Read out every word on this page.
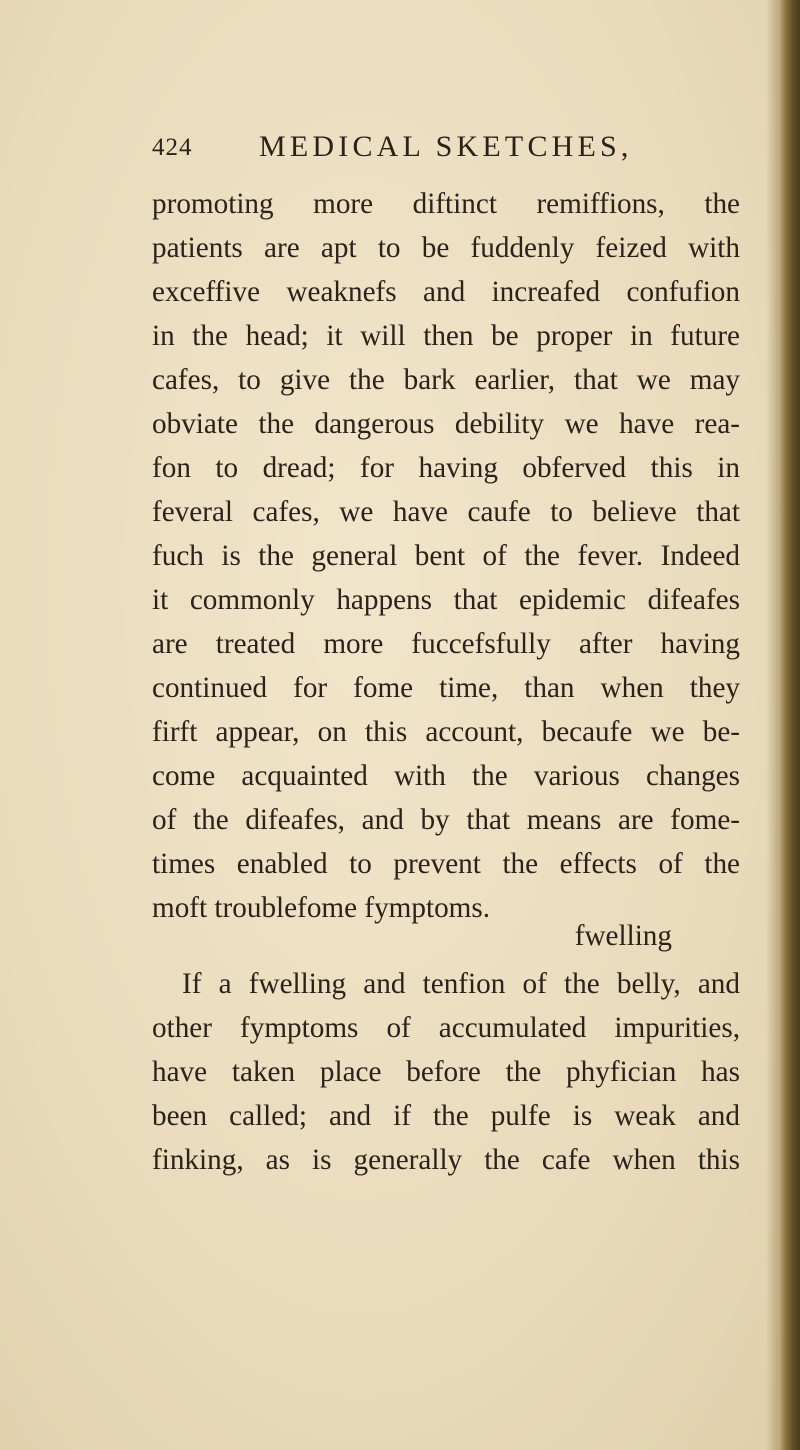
424 MEDICAL SKETCHES,
promoting more diftinct remiffions, the
patients are apt to be fuddenly feized with
exceffive weaknefs and increafed confufion
in the head; it will then be proper in future
cafes, to give the bark earlier, that we may
obviate the dangerous debility we have rea-
fon to dread; for having obferved this in
feveral cafes, we have caufe to believe that
fuch is the general bent of the fever. Indeed
it commonly happens that epidemic difeafes
are treated more fuccefsfully after having
continued for fome time, than when they
firft appear, on this account, becaufe we be-
come acquainted with the various changes
of the difeafes, and by that means are fome-
times enabled to prevent the effects of the
moft troublefome fymptoms.
If a fwelling and tenfion of the belly, and
other fymptoms of accumulated impurities,
have taken place before the phyfician has
been called; and if the pulfe is weak and
finking, as is generally the cafe when this
fwelling
